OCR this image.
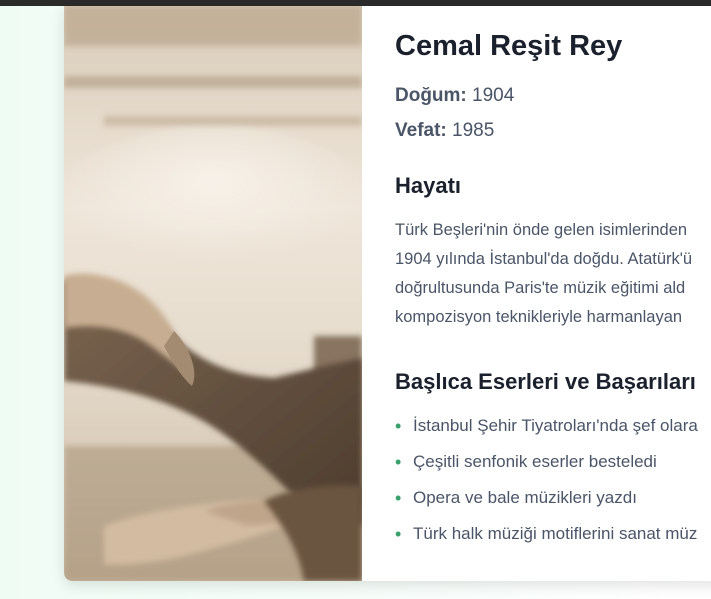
Cemal Reşit Rey

Doğum: 1904

Vefat: 1985

Hayatı

Türk Beşleri'nin önde gelen isimlerinden
1904 yılında İstanbul'da doğdu. Atatürk'ü
doğrultusunda Paris'te müzik eğitimi ald
kompozisyon teknikleriyle harmanlayan

Başlıca Eserleri ve Başarıları
• İstanbul Şehir Tiyatroları'nda şef olara
• Çeşitli senfonik eserler besteledi
• Opera ve bale müzikleri yazdı
• Türk halk müziği motiflerini sanat müz
